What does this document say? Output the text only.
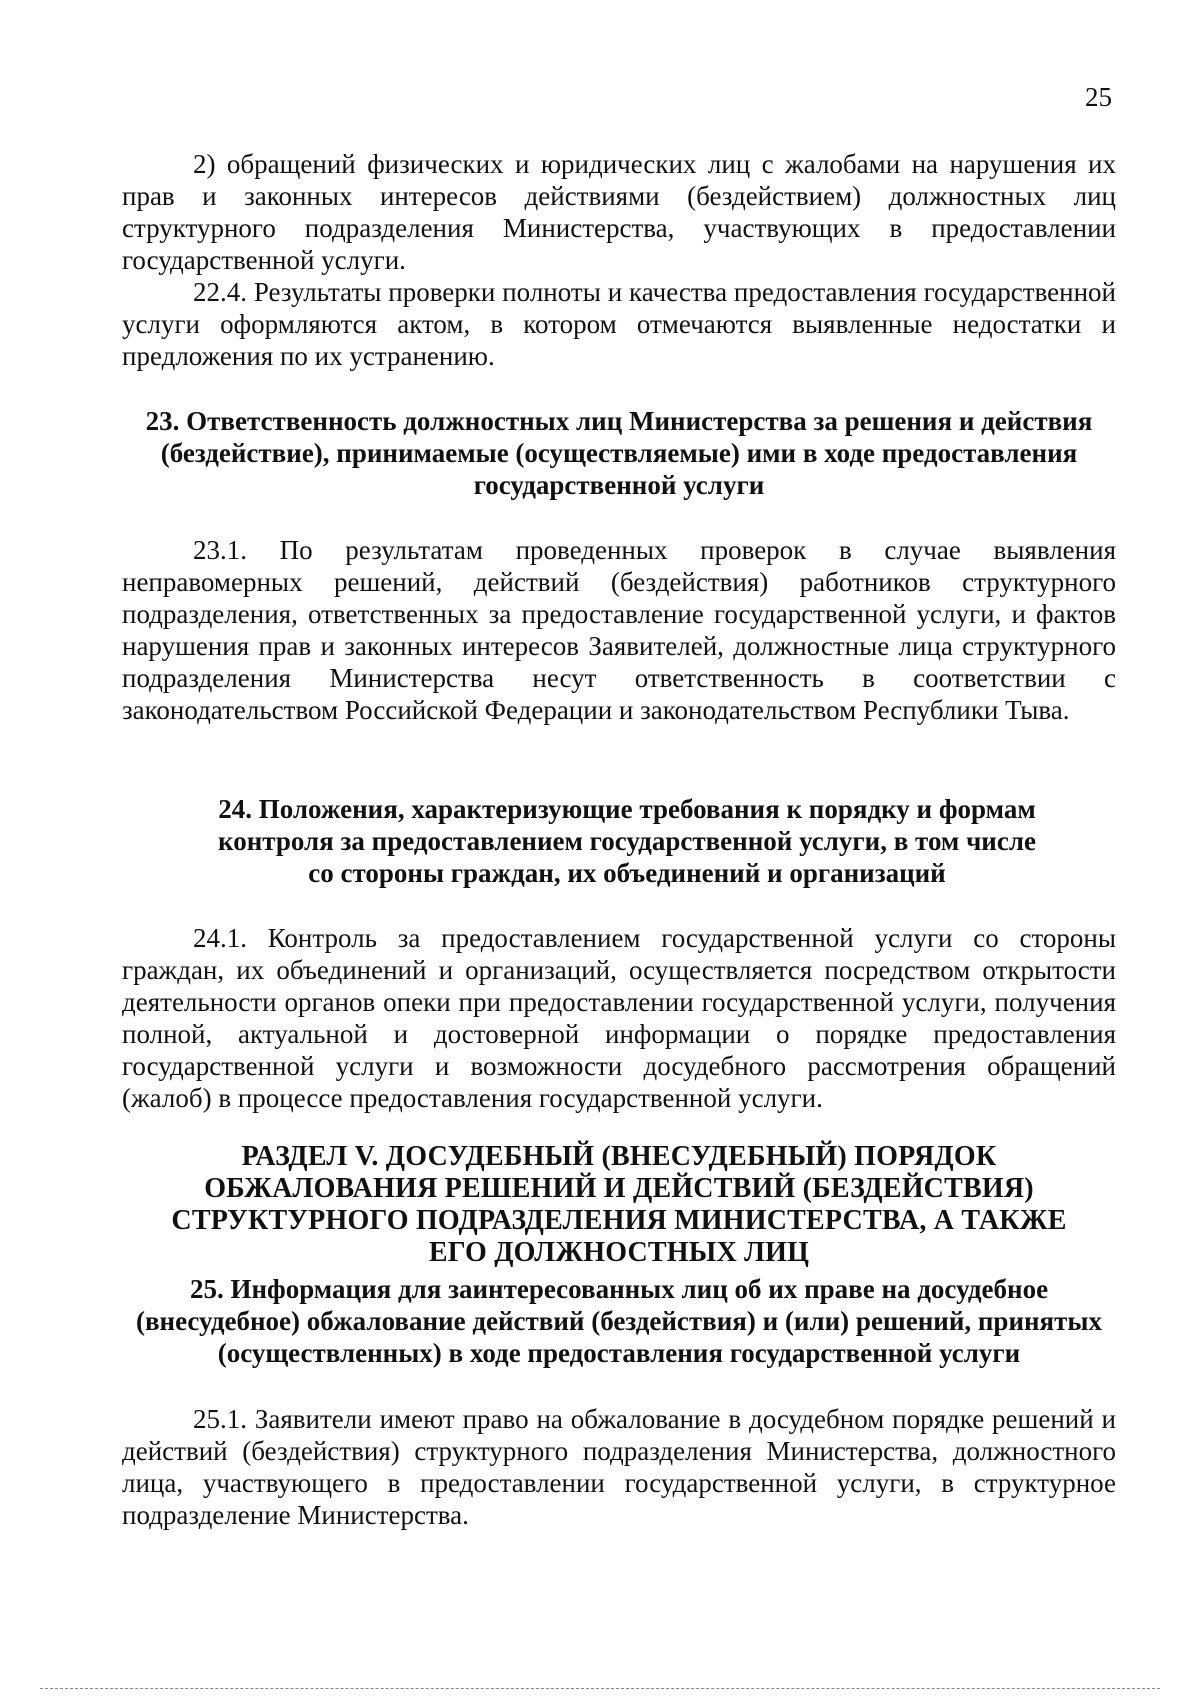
25

2) обращений физических и юридических лиц с жалобами на нарушения их прав и законных интересов действиями (бездействием) должностных лиц структурного подразделения Министерства, участвующих в предоставлении государственной услуги.

22.4. Результаты проверки полноты и качества предоставления государственной услуги оформляются актом, в котором отмечаются выявленные недостатки и предложения по их устранению.

23. Ответственность должностных лиц Министерства за решения и действия (бездействие), принимаемые (осуществляемые) ими в ходе предоставления государственной услуги

23.1. По результатам проведенных проверок в случае выявления неправомерных решений, действий (бездействия) работников структурного подразделения, ответственных за предоставление государственной услуги, и фактов нарушения прав и законных интересов Заявителей, должностные лица структурного подразделения Министерства несут ответственность в соответствии с законодательством Российской Федерации и законодательством Республики Тыва.

24. Положения, характеризующие требования к порядку и формам контроля за предоставлением государственной услуги, в том числе со стороны граждан, их объединений и организаций

24.1. Контроль за предоставлением государственной услуги со стороны граждан, их объединений и организаций, осуществляется посредством открытости деятельности органов опеки при предоставлении государственной услуги, получения полной, актуальной и достоверной информации о порядке предоставления государственной услуги и возможности досудебного рассмотрения обращений (жалоб) в процессе предоставления государственной услуги.

РАЗДЕЛ V. ДОСУДЕБНЫЙ (ВНЕСУДЕБНЫЙ) ПОРЯДОК ОБЖАЛОВАНИЯ РЕШЕНИЙ И ДЕЙСТВИЙ (БЕЗДЕЙСТВИЯ) СТРУКТУРНОГО ПОДРАЗДЕЛЕНИЯ МИНИСТЕРСТВА, А ТАКЖЕ ЕГО ДОЛЖНОСТНЫХ ЛИЦ

25. Информация для заинтересованных лиц об их праве на досудебное (внесудебное) обжалование действий (бездействия) и (или) решений, принятых (осуществленных) в ходе предоставления государственной услуги

25.1. Заявители имеют право на обжалование в досудебном порядке решений и действий (бездействия) структурного подразделения Министерства, должностного лица, участвующего в предоставлении государственной услуги, в структурное подразделение Министерства.
